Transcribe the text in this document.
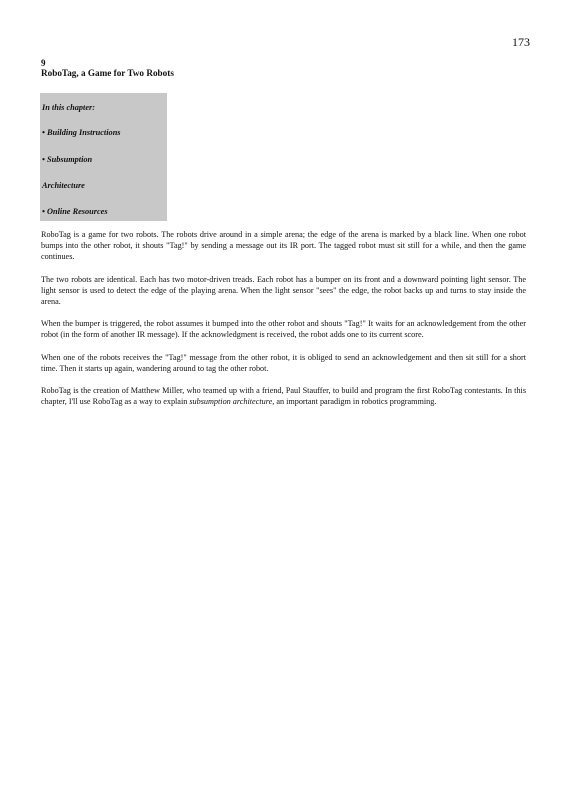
173
9
RoboTag, a Game for Two Robots
In this chapter:
• Building Instructions
• Subsumption
Architecture
• Online Resources

RoboTag is a game for two robots. The robots drive around in a simple arena; the edge of the arena is marked by a black line. When one robot bumps into the other robot, it shouts "Tag!" by sending a message out its IR port. The tagged robot must sit still for a while, and then the game continues.

The two robots are identical. Each has two motor-driven treads. Each robot has a bumper on its front and a downward pointing light sensor. The light sensor is used to detect the edge of the playing arena. When the light sensor "sees" the edge, the robot backs up and turns to stay inside the arena.

When the bumper is triggered, the robot assumes it bumped into the other robot and shouts "Tag!" It waits for an acknowledgement from the other robot (in the form of another IR message). If the acknowledgment is received, the robot adds one to its current score.

When one of the robots receives the "Tag!" message from the other robot, it is obliged to send an acknowledgement and then sit still for a short time. Then it starts up again, wandering around to tag the other robot.

RoboTag is the creation of Matthew Miller, who teamed up with a friend, Paul Stauffer, to build and program the first RoboTag contestants. In this chapter, I'll use RoboTag as a way to explain subsumption architecture, an important paradigm in robotics programming.
